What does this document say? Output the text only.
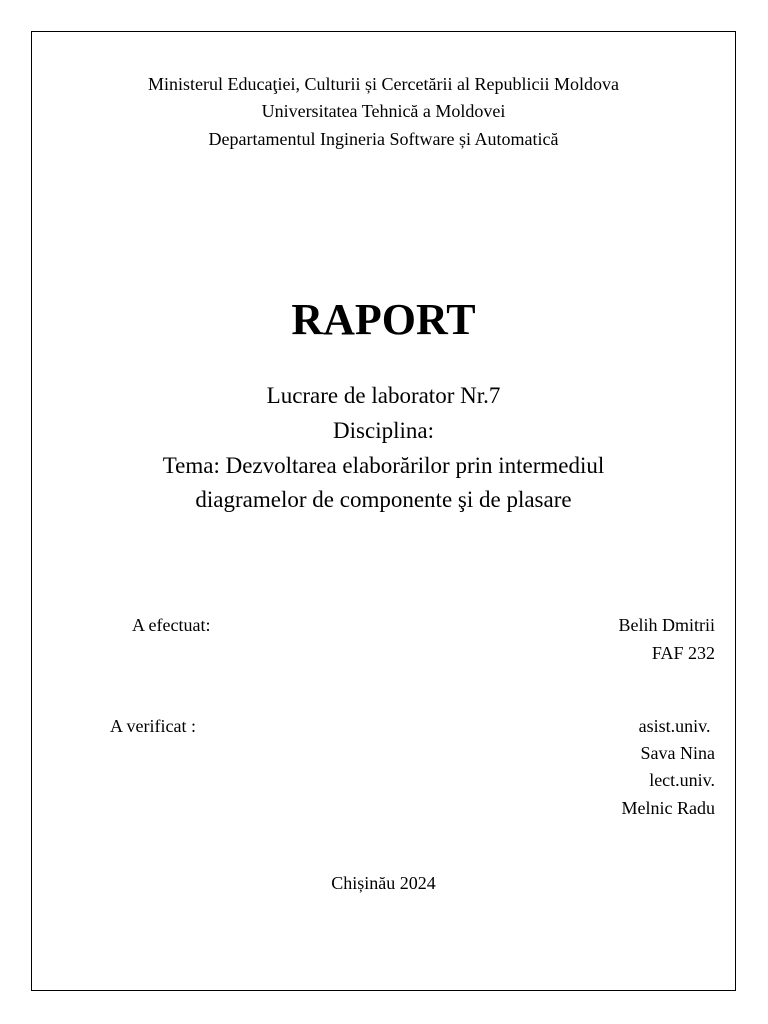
Ministerul Educaţiei, Culturii și Cercetării al Republicii Moldova
Universitatea Tehnică a Moldovei
Departamentul Ingineria Software și Automatică
RAPORT
Lucrare de laborator Nr.7
Disciplina:
Tema: Dezvoltarea elaborărilor prin intermediul
diagramelor de componente şi de plasare
A efectuat:	Belih Dmitrii
FAF 232
A verificat :	asist.univ.
Sava Nina
lect.univ.
Melnic Radu
Chișinău 2024
